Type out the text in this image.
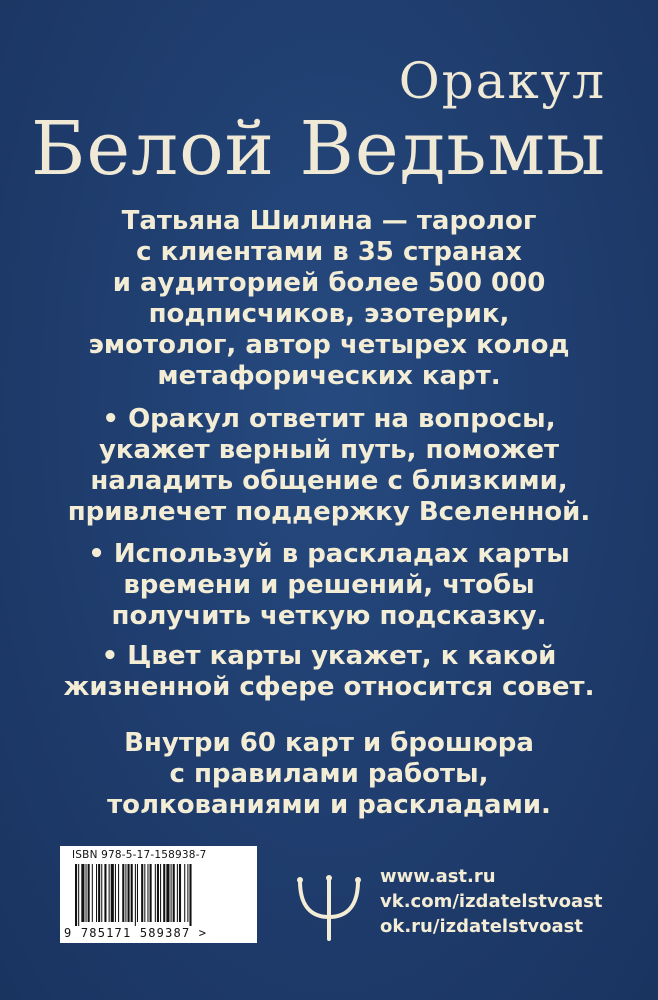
Оракул
Белой Ведьмы
Татьяна Шилина — таролог
с клиентами в 35 странах
и аудиторией более 500 000
подписчиков, эзотерик,
эмотолог, автор четырех колод
метафорических карт.
• Оракул ответит на вопросы,
укажет верный путь, поможет
наладить общение с близкими,
привлечет поддержку Вселенной.
• Используй в раскладах карты
времени и решений, чтобы
получить четкую подсказку.
• Цвет карты укажет, к какой
жизненной сфере относится совет.
Внутри 60 карт и брошюра
с правилами работы,
толкованиями и раскладами.
ISBN 978-5-17-158938-7
9 785171 589387 >
www.ast.ru
vk.com/izdatelstvoast
ok.ru/izdatelstvoast
